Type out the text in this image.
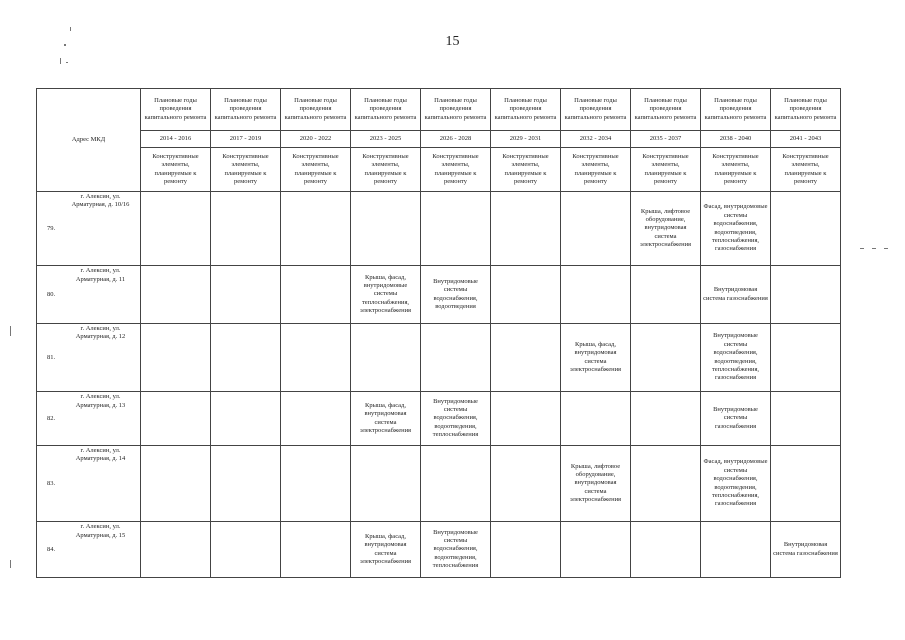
15
Адрес МКД	Плановые годы проведения капитального ремонта	Плановые годы проведения капитального ремонта	Плановые годы проведения капитального ремонта	Плановые годы проведения капитального ремонта	Плановые годы проведения капитального ремонта	Плановые годы проведения капитального ремонта	Плановые годы проведения капитального ремонта	Плановые годы проведения капитального ремонта	Плановые годы проведения капитального ремонта	Плановые годы проведения капитального ремонта
	2014 - 2016	2017 - 2019	2020 - 2022	2023 - 2025	2026 - 2028	2029 - 2031	2032 - 2034	2035 - 2037	2038 - 2040	2041 - 2043
	Конструктивные элементы, планируемые к ремонту	Конструктивные элементы, планируемые к ремонту	Конструктивные элементы, планируемые к ремонту	Конструктивные элементы, планируемые к ремонту	Конструктивные элементы, планируемые к ремонту	Конструктивные элементы, планируемые к ремонту	Конструктивные элементы, планируемые к ремонту	Конструктивные элементы, планируемые к ремонту	Конструктивные элементы, планируемые к ремонту	Конструктивные элементы, планируемые к ремонту

79.
г. Алексин, ул. Арматурная, д. 10/16								Крыша, лифтовое оборудование, внутридомовая система электроснабжения	Фасад, внутридомовые системы водоснабжения, водоотведения, теплоснабжения, газоснабжения	

80.
г. Алексин, ул. Арматурная, д. 11				Крыша, фасад, внутридомовые системы теплоснабжения, электроснабжения	Внутридомовые системы водоснабжения, водоотведения				Внутридомовая система газоснабжения	

81.
г. Алексин, ул. Арматурная, д. 12							Крыша, фасад, внутридомовая система электроснабжения		Внутридомовые системы водоснабжения, водоотведения, теплоснабжения, газоснабжения	

82.
г. Алексин, ул. Арматурная, д. 13				Крыша, фасад, внутридомовая система электроснабжения	Внутридомовые системы водоснабжения, водоотведения, теплоснабжения				Внутридомовые системы газоснабжения	

83.
г. Алексин, ул. Арматурная, д. 14							Крыша, лифтовое оборудование, внутридомовая система электроснабжения		Фасад, внутридомовые системы водоснабжения, водоотведения, теплоснабжения, газоснабжения	

84.
г. Алексин, ул. Арматурная, д. 15				Крыша, фасад, внутридомовая система электроснабжения	Внутридомовые системы водоснабжения, водоотведения, теплоснабжения					Внутридомовая система газоснабжения
